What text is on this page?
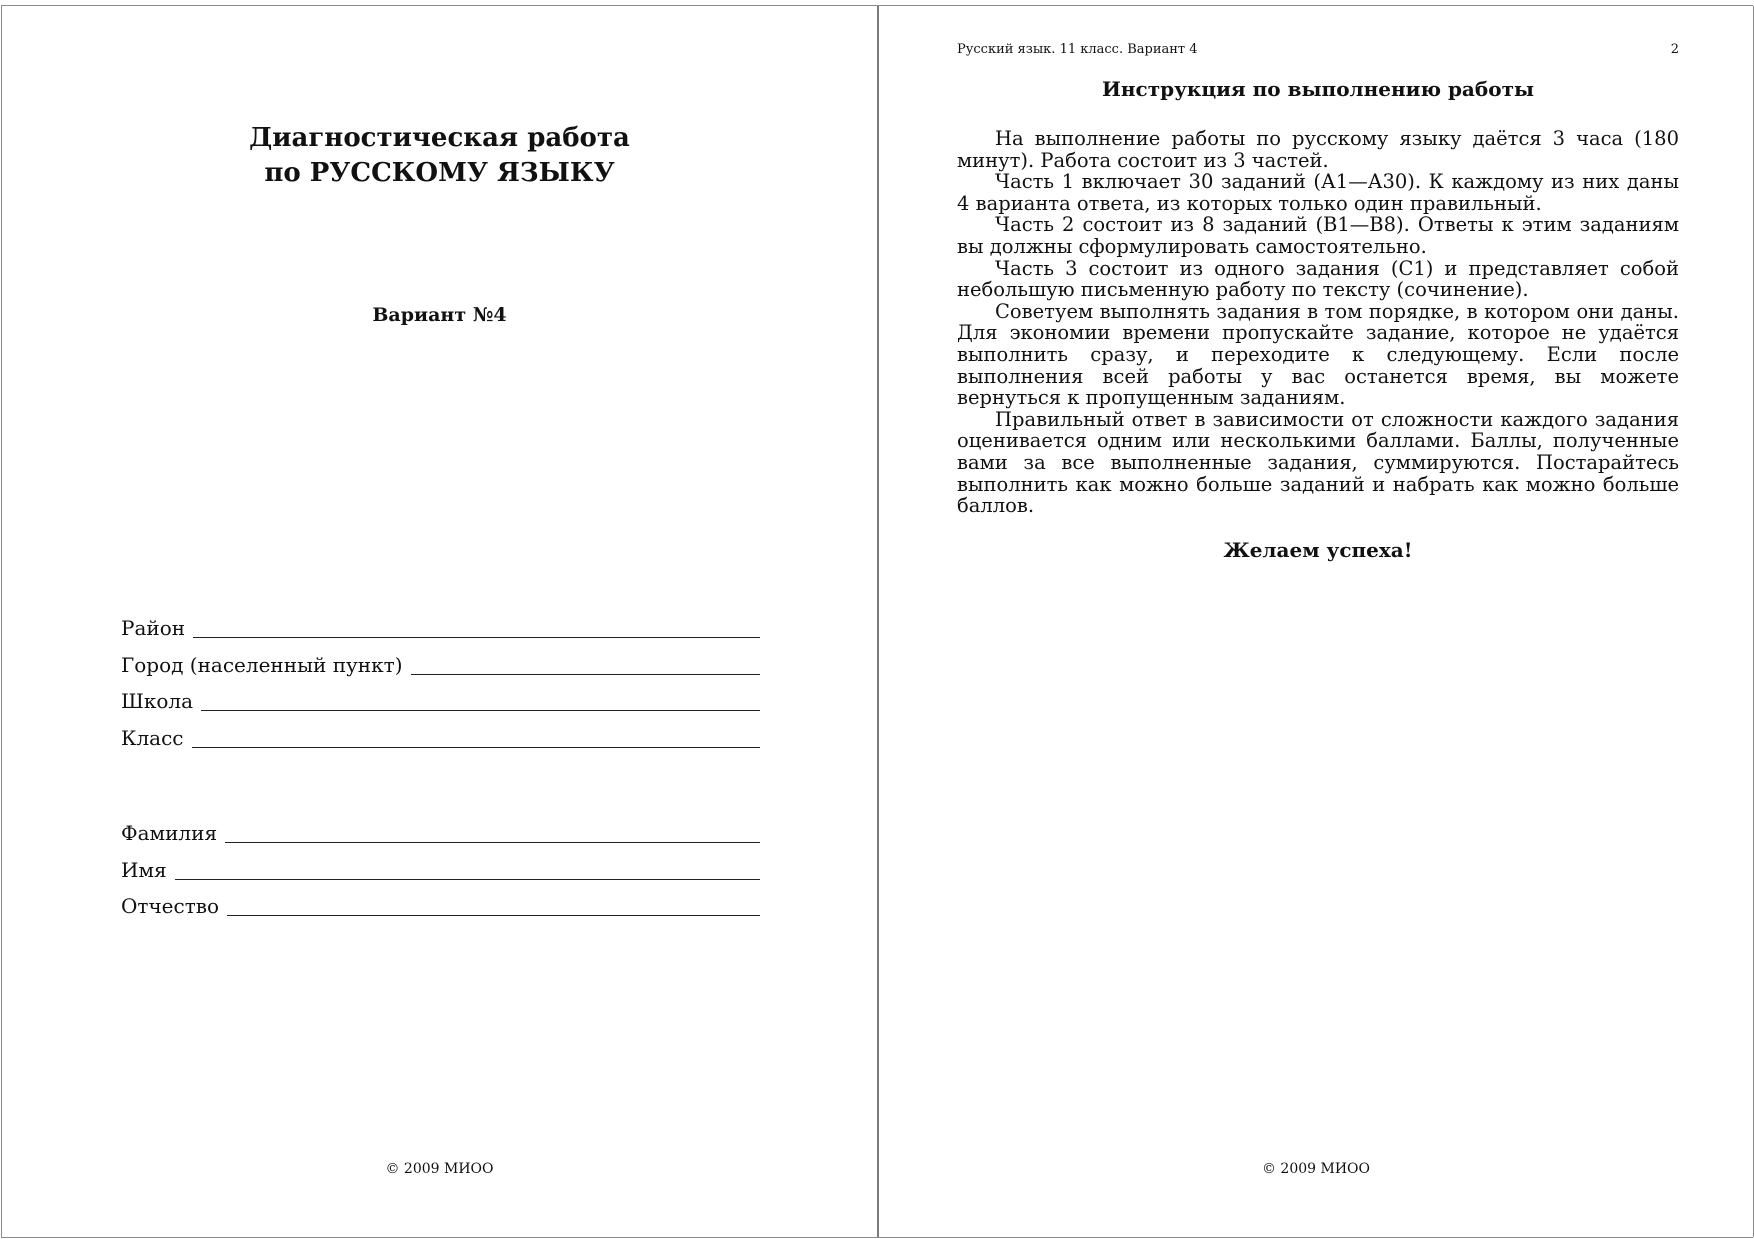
Диагностическая работа
по РУССКОМУ ЯЗЫКУ
Вариант №4
Район
Город (населенный пункт)
Школа
Класс
Фамилия
Имя
Отчество
© 2009 МИОО
Русский язык. 11 класс. Вариант 4	2
Инструкция по выполнению работы

На выполнение работы по русскому языку даётся 3 часа (180 минут). Работа состоит из 3 частей.

Часть 1 включает 30 заданий (А1—А30). К каждому из них даны 4 варианта ответа, из которых только один правильный.

Часть 2 состоит из 8 заданий (В1—В8). Ответы к этим заданиям вы должны сформулировать самостоятельно.

Часть 3 состоит из одного задания (С1) и представляет собой небольшую письменную работу по тексту (сочинение).

Советуем выполнять задания в том порядке, в котором они даны. Для экономии времени пропускайте задание, которое не удаётся выполнить сразу, и переходите к следующему. Если после выполнения всей работы у вас останется время, вы можете вернуться к пропущенным заданиям.

Правильный ответ в зависимости от сложности каждого задания оценивается одним или несколькими баллами. Баллы, полученные вами за все выполненные задания, суммируются. Постарайтесь выполнить как можно больше заданий и набрать как можно больше баллов.

Желаем успеха!
© 2009 МИОО
